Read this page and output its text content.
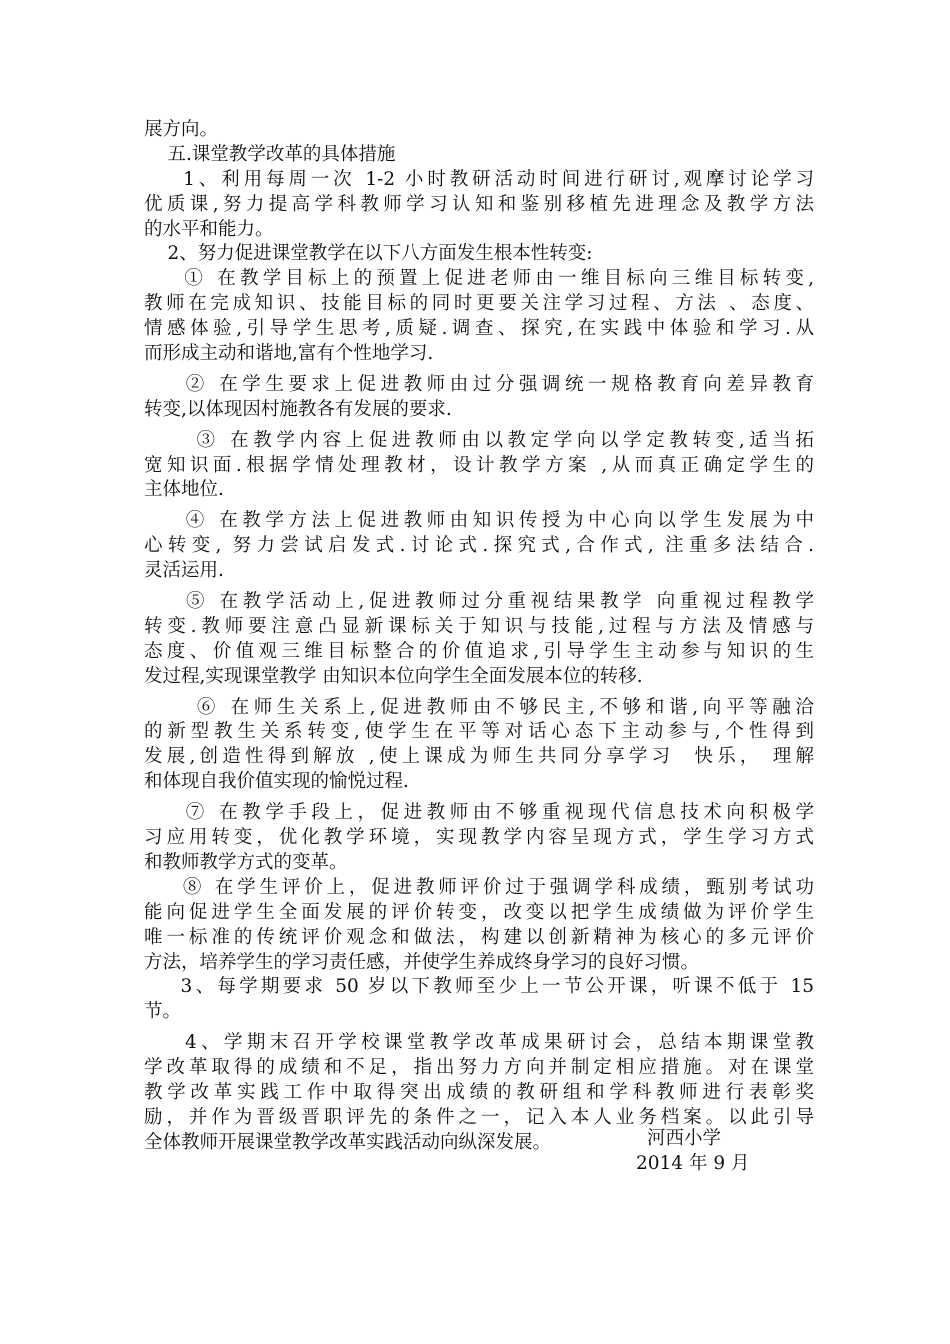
展方向。
五.课堂教学改革的具体措施
1、利用每周一次 1-2 小时教研活动时间进行研讨,观摩讨论学习
优质课,努力提高学科教师学习认知和鉴别移植先进理念及教学方法
的水平和能力。
2、努力促进课堂教学在以下八方面发生根本性转变:
① 在教学目标上的预置上促进老师由一维目标向三维目标转变,
教师在完成知识、技能目标的同时更要关注学习过程、方法 、态度、
情感体验,引导学生思考,质疑.调查、探究,在实践中体验和学习.从
而形成主动和谐地,富有个性地学习.
② 在学生要求上促进教师由过分强调统一规格教育向差异教育
转变,以体现因村施教各有发展的要求.
③ 在教学内容上促进教师由以教定学向以学定教转变,适当拓
宽知识面.根据学情处理教材，设计教学方案 ,从而真正确定学生的
主体地位.
④ 在教学方法上促进教师由知识传授为中心向以学生发展为中
心转变, 努力尝试启发式.讨论式.探究式,合作式, 注重多法结合.
灵活运用.
⑤ 在教学活动上,促进教师过分重视结果教学 向重视过程教学
转变.教师要注意凸显新课标关于知识与技能,过程与方法及情感与
态度、价值观三维目标整合的价值追求,引导学生主动参与知识的生
发过程,实现课堂教学 由知识本位向学生全面发展本位的转移.
⑥ 在师生关系上,促进教师由不够民主,不够和谐,向平等融洽
的新型教生关系转变,使学生在平等对话心态下主动参与,个性得到
发展,创造性得到解放 ,使上课成为师生共同分享学习  快乐， 理解
和体现自我价值实现的愉悦过程.
⑦ 在教学手段上，促进教师由不够重视现代信息技术向积极学
习应用转变，优化教学环境，实现教学内容呈现方式，学生学习方式
和教师教学方式的变革。
⑧ 在学生评价上，促进教师评价过于强调学科成绩，甄别考试功
能向促进学生全面发展的评价转变，改变以把学生成绩做为评价学生
唯一标准的传统评价观念和做法，构建以创新精神为核心的多元评价
方法，培养学生的学习责任感，并使学生养成终身学习的良好习惯。
3、每学期要求 50 岁以下教师至少上一节公开课，听课不低于 15
节。
4、学期末召开学校课堂教学改革成果研讨会，总结本期课堂教
学改革取得的成绩和不足，指出努力方向并制定相应措施。对在课堂
教学改革实践工作中取得突出成绩的教研组和学科教师进行表彰奖
励，并作为晋级晋职评先的条件之一，记入本人业务档案。以此引导
全体教师开展课堂教学改革实践活动向纵深发展。	河西小学
2014 年 9 月
